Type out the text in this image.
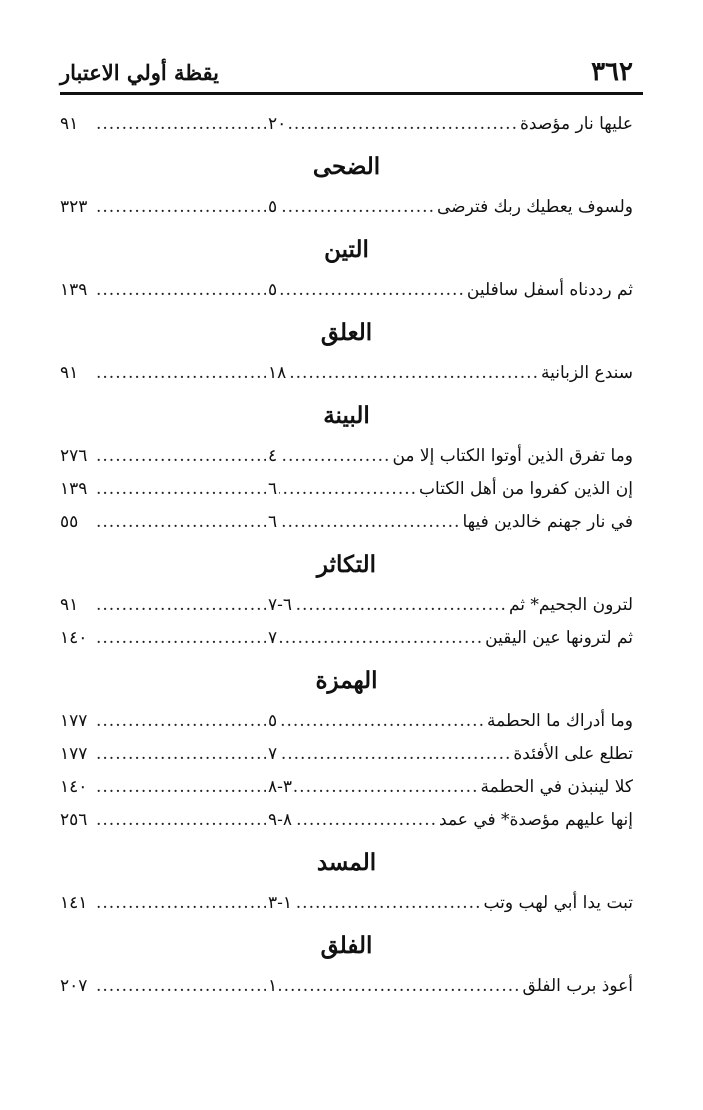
٣٦٢
يقظة أولي الاعتبار
عليها نار مؤصدة
.....
٢٠
.....
٩١
الضحى
ولسوف يعطيك ربك فترضى
.....
٥
.....
٣٢٣
التين
ثم رددناه أسفل سافلين
.....
٥
.....
١٣٩
العلق
سندع الزبانية
.....
١٨
.....
٩١
البينة
وما تفرق الذين أوتوا الكتاب إلا من
.....
٤
.....
٢٧٦
إن الذين كفروا من أهل الكتاب
.....
٦
.....
١٣٩
في نار جهنم خالدين فيها
.....
٦
.....
٥٥
التكاثر
لترون الجحيم* ثم
.....
٦-٧
.....
٩١
ثم لترونها عين اليقين
.....
٧
.....
١٤٠
الهمزة
وما أدراك ما الحطمة
.....
٥
.....
١٧٧
تطلع على الأفئدة
.....
٧
.....
١٧٧
كلا لينبذن في الحطمة
.....
٣-٨
.....
١٤٠
إنها عليهم مؤصدة* في عمد
.....
٨-٩
.....
٢٥٦
المسد
تبت يدا أبي لهب وتب
.....
١-٣
.....
١٤١
الفلق
أعوذ برب الفلق
.....
١
.....
٢٠٧
